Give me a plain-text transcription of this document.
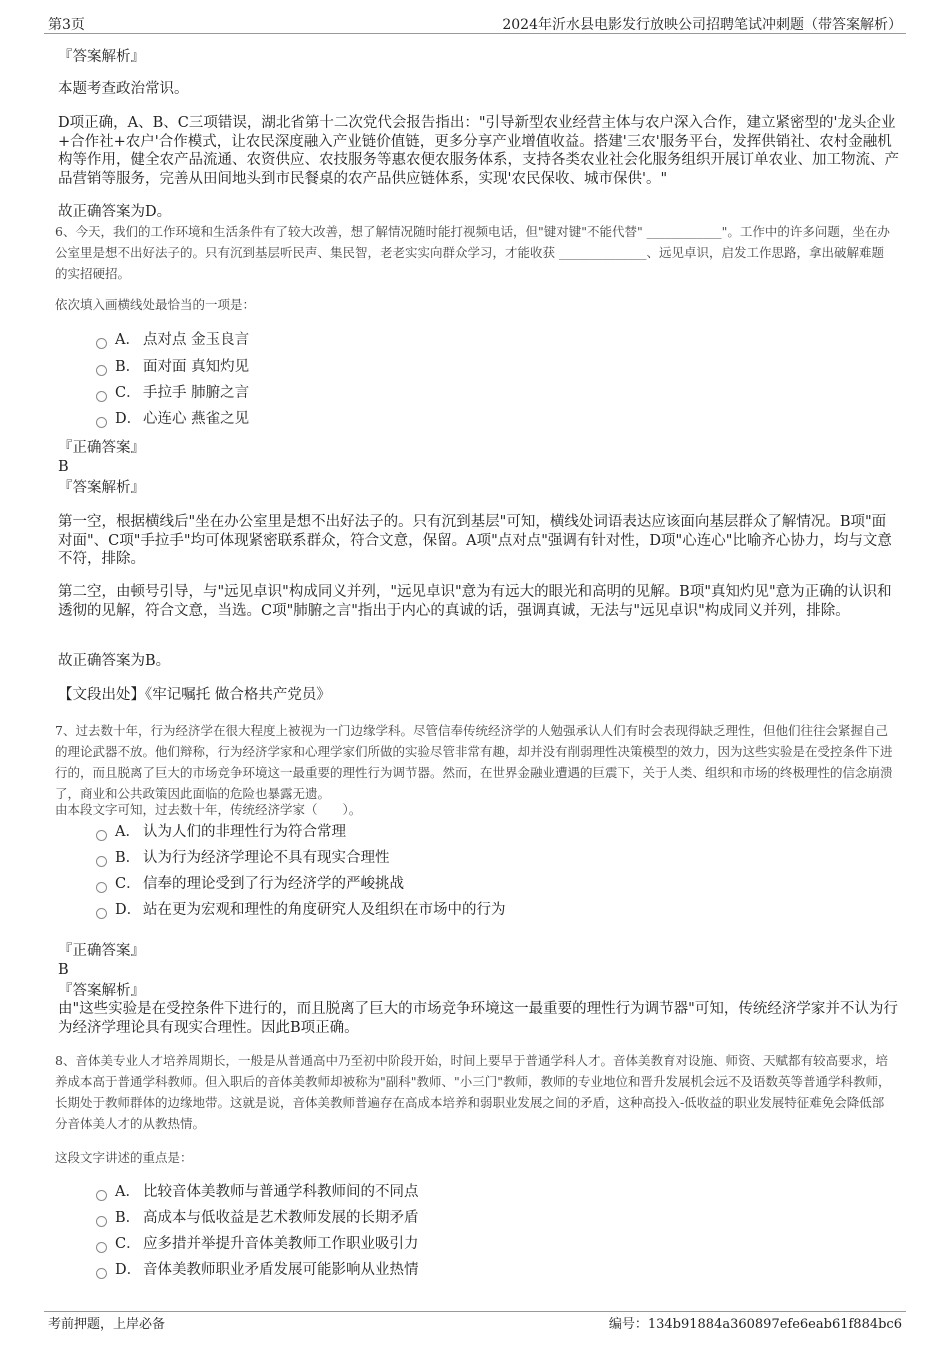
第3页	2024年沂水县电影发行放映公司招聘笔试冲刺题（带答案解析）
『答案解析』
本题考查政治常识。
D项正确，A、B、C三项错误，湖北省第十二次党代会报告指出："引导新型农业经营主体与农户深入合作，建立紧密型的'龙头企业+合作社+农户'合作模式，让农民深度融入产业链价值链，更多分享产业增值收益。搭建'三农'服务平台，发挥供销社、农村金融机构等作用，健全农产品流通、农资供应、农技服务等惠农便农服务体系，支持各类农业社会化服务组织开展订单农业、加工物流、产品营销等服务，完善从田间地头到市民餐桌的农产品供应链体系，实现'农民保收、城市保供'。"
故正确答案为D。
6、今天，我们的工作环境和生活条件有了较大改善，想了解情况随时能打视频电话，但"键对键"不能代替" ____________"。工作中的许多问题，坐在办公室里是想不出好法子的。只有沉到基层听民声、集民智，老老实实向群众学习，才能收获 ______________、远见卓识，启发工作思路，拿出破解难题的实招硬招。
依次填入画横线处最恰当的一项是：
A． 点对点 金玉良言
B． 面对面 真知灼见
C． 手拉手 肺腑之言
D． 心连心 燕雀之见
『正确答案』
B
『答案解析』
第一空，根据横线后"坐在办公室里是想不出好法子的。只有沉到基层"可知，横线处词语表达应该面向基层群众了解情况。B项"面对面"、C项"手拉手"均可体现紧密联系群众，符合文意，保留。A项"点对点"强调有针对性，D项"心连心"比喻齐心协力，均与文意不符，排除。
第二空，由顿号引导，与"远见卓识"构成同义并列，"远见卓识"意为有远大的眼光和高明的见解。B项"真知灼见"意为正确的认识和透彻的见解，符合文意，当选。C项"肺腑之言"指出于内心的真诚的话，强调真诚，无法与"远见卓识"构成同义并列，排除。
故正确答案为B。
【文段出处】《牢记嘱托 做合格共产党员》
7、过去数十年，行为经济学在很大程度上被视为一门边缘学科。尽管信奉传统经济学的人勉强承认人们有时会表现得缺乏理性，但他们往往会紧握自己的理论武器不放。他们辩称，行为经济学家和心理学家们所做的实验尽管非常有趣，却并没有削弱理性决策模型的效力，因为这些实验是在受控条件下进行的，而且脱离了巨大的市场竞争环境这一最重要的理性行为调节器。然而，在世界金融业遭遇的巨震下，关于人类、组织和市场的终极理性的信念崩溃了，商业和公共政策因此面临的危险也暴露无遗。
由本段文字可知，过去数十年，传统经济学家（　　）。
A． 认为人们的非理性行为符合常理
B． 认为行为经济学理论不具有现实合理性
C． 信奉的理论受到了行为经济学的严峻挑战
D． 站在更为宏观和理性的角度研究人及组织在市场中的行为
『正确答案』
B
『答案解析』
由"这些实验是在受控条件下进行的，而且脱离了巨大的市场竞争环境这一最重要的理性行为调节器"可知，传统经济学家并不认为行为经济学理论具有现实合理性。因此B项正确。
8、音体美专业人才培养周期长，一般是从普通高中乃至初中阶段开始，时间上要早于普通学科人才。音体美教育对设施、师资、天赋都有较高要求，培养成本高于普通学科教师。但入职后的音体美教师却被称为"副科"教师、"小三门"教师，教师的专业地位和晋升发展机会远不及语数英等普通学科教师，长期处于教师群体的边缘地带。这就是说，音体美教师普遍存在高成本培养和弱职业发展之间的矛盾，这种高投入-低收益的职业发展特征难免会降低部分音体美人才的从教热情。
这段文字讲述的重点是：
A． 比较音体美教师与普通学科教师间的不同点
B． 高成本与低收益是艺术教师发展的长期矛盾
C． 应多措并举提升音体美教师工作职业吸引力
D． 音体美教师职业矛盾发展可能影响从业热情
考前押题，上岸必备	编号：134b91884a360897efe6eab61f884bc6
